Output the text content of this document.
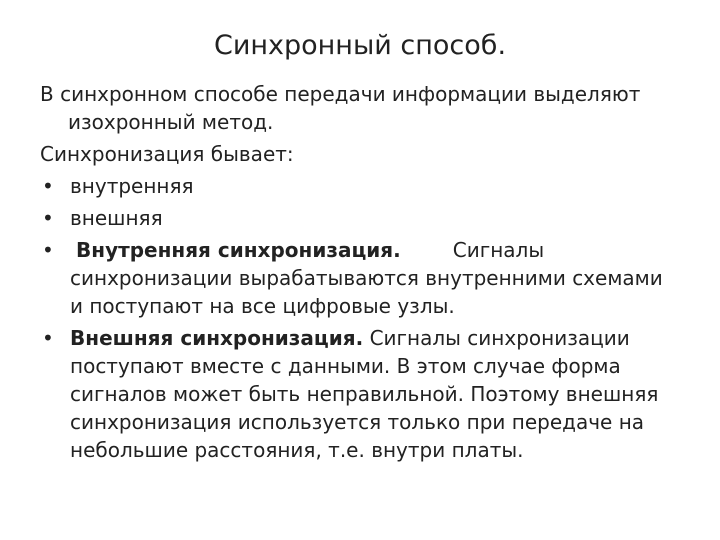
Синхронный способ.

В синхронном способе передачи информации выделяют изохронный метод.

Синхронизация бывает:

• внутренняя
• внешняя
• Внутренняя синхронизация.	Сигналы синхронизации вырабатываются внутренними схемами и поступают на все цифровые узлы.
• Внешняя синхронизация. Сигналы синхронизации поступают вместе с данными. В этом случае форма сигналов может быть неправильной. Поэтому внешняя синхронизация используется только при передаче на небольшие расстояния, т.е. внутри платы.
